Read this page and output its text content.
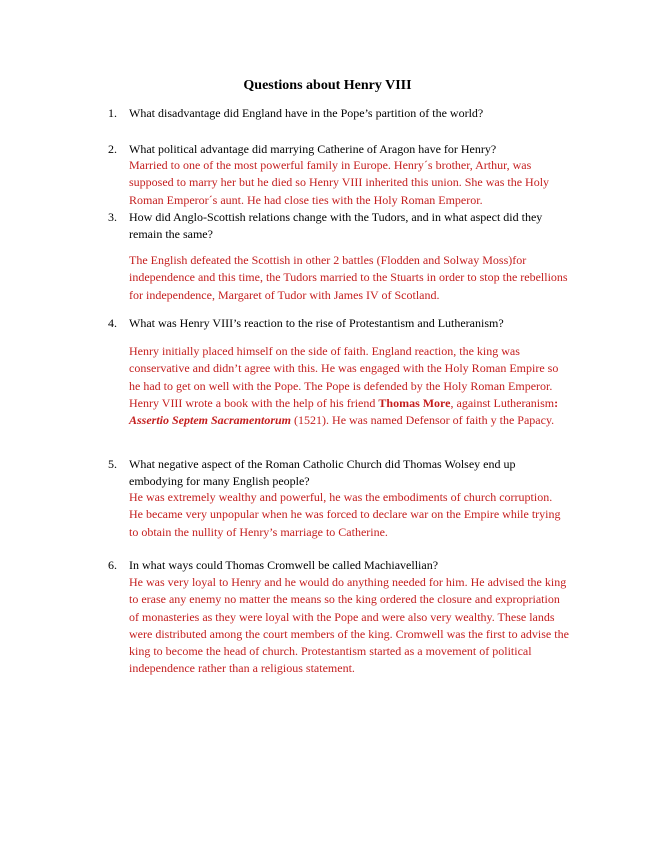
Questions about Henry VIII
1. What disadvantage did England have in the Pope’s partition of the world?
2. What political advantage did marrying Catherine of Aragon have for Henry?
Married to one of the most powerful family in Europe. Henry´s brother, Arthur, was supposed to marry her but he died so Henry VIII inherited this union. She was the Holy Roman Emperor´s aunt. He had close ties with the Holy Roman Emperor.
3. How did Anglo-Scottish relations change with the Tudors, and in what aspect did they remain the same?
The English defeated the Scottish in other 2 battles (Flodden and Solway Moss)for independence and this time, the Tudors married to the Stuarts in order to stop the rebellions for independence, Margaret of Tudor with James IV of Scotland.
4. What was Henry VIII’s reaction to the rise of Protestantism and Lutheranism?
Henry initially placed himself on the side of faith. England reaction, the king was conservative and didn’t agree with this. He was engaged with the Holy Roman Empire so he had to get on well with the Pope. The Pope is defended by the Holy Roman Emperor. Henry VIII wrote a book with the help of his friend Thomas More, against Lutheranism: Assertio Septem Sacramentorum (1521). He was named Defensor of faith y the Papacy.
5. What negative aspect of the Roman Catholic Church did Thomas Wolsey end up embodying for many English people?
He was extremely wealthy and powerful, he was the embodiments of church corruption. He became very unpopular when he was forced to declare war on the Empire while trying to obtain the nullity of Henry’s marriage to Catherine.
6. In what ways could Thomas Cromwell be called Machiavellian?
He was very loyal to Henry and he would do anything needed for him. He advised the king to erase any enemy no matter the means so the king ordered the closure and expropriation of monasteries as they were loyal with the Pope and were also very wealthy. These lands were distributed among the court members of the king. Cromwell was the first to advise the king to become the head of church. Protestantism started as a movement of political independence rather than a religious statement.
